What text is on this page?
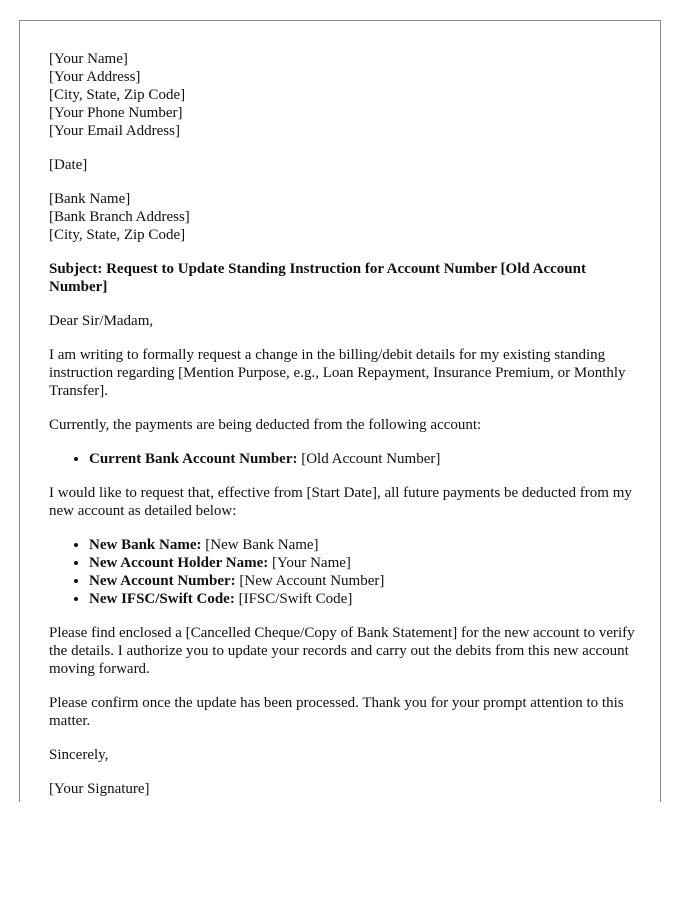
[Your Name]
[Your Address]
[City, State, Zip Code]
[Your Phone Number]
[Your Email Address]
[Date]
[Bank Name]
[Bank Branch Address]
[City, State, Zip Code]
Subject: Request to Update Standing Instruction for Account Number [Old Account Number]

Dear Sir/Madam,

I am writing to formally request a change in the billing/debit details for my existing standing instruction regarding [Mention Purpose, e.g., Loan Repayment, Insurance Premium, or Monthly Transfer].

Currently, the payments are being deducted from the following account:

• Current Bank Account Number: [Old Account Number]

I would like to request that, effective from [Start Date], all future payments be deducted from my new account as detailed below:

• New Bank Name: [New Bank Name]
• New Account Holder Name: [Your Name]
• New Account Number: [New Account Number]
• New IFSC/Swift Code: [IFSC/Swift Code]

Please find enclosed a [Cancelled Cheque/Copy of Bank Statement] for the new account to verify the details. I authorize you to update your records and carry out the debits from this new account moving forward.

Please confirm once the update has been processed. Thank you for your prompt attention to this matter.

Sincerely,

[Your Signature]
